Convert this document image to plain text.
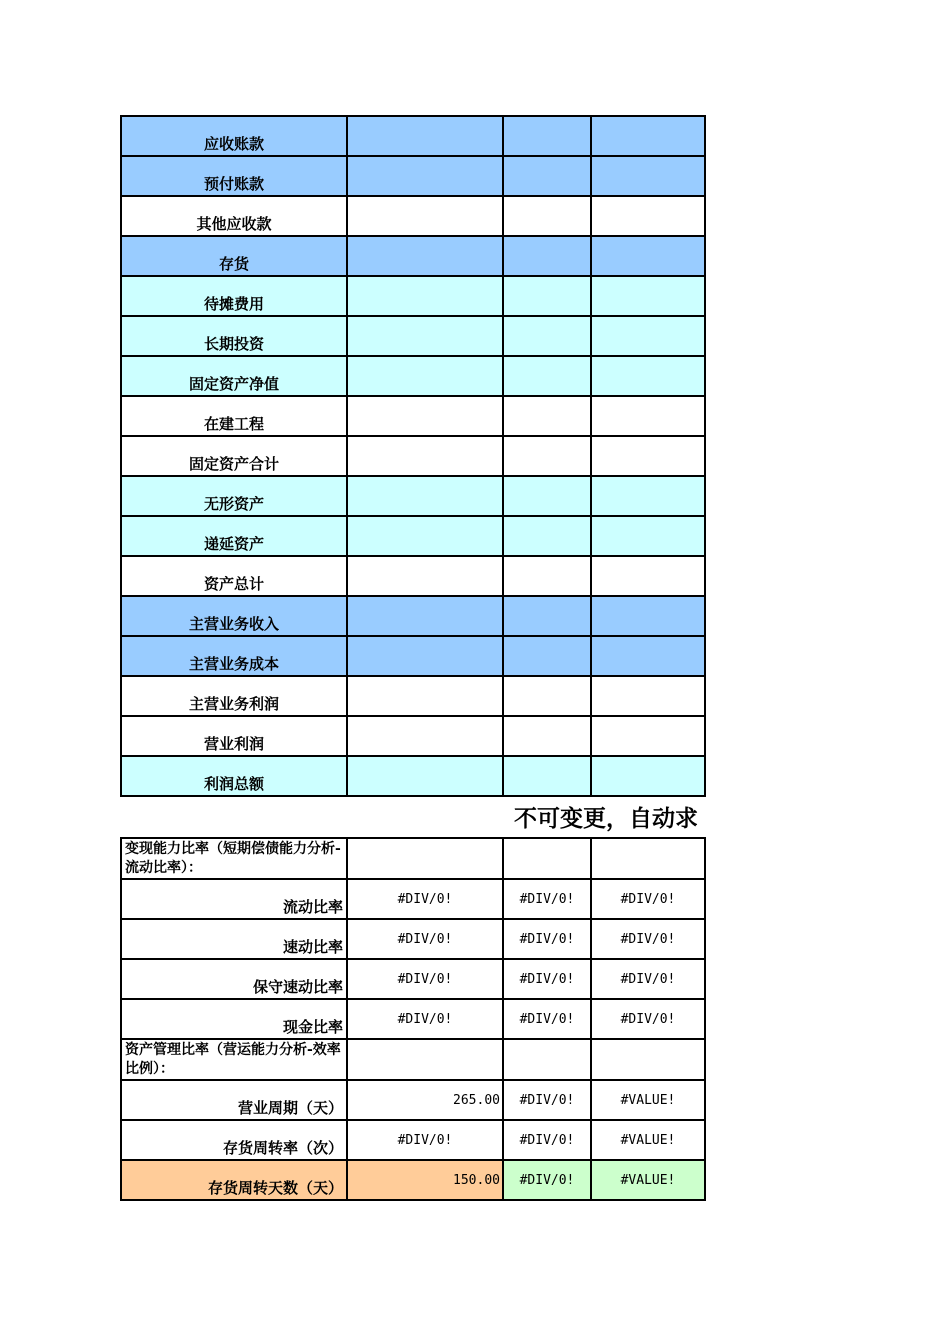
应收账款			
预付账款			
其他应收款			
存货			
待摊费用			
长期投资			
固定资产净值			
在建工程			
固定资产合计			
无形资产			
递延资产			
资产总计			
主营业务收入			
主营业务成本			
主营业务利润			
营业利润			
利润总额			
不可变更，自动求
变现能力比率（短期偿债能力分析-流动比率）：			
流动比率	#DIV/0!	#DIV/0!	#DIV/0!
速动比率	#DIV/0!	#DIV/0!	#DIV/0!
保守速动比率	#DIV/0!	#DIV/0!	#DIV/0!
现金比率	#DIV/0!	#DIV/0!	#DIV/0!
资产管理比率（营运能力分析-效率比例）：			
营业周期（天）	265.00	#DIV/0!	#VALUE!
存货周转率（次）	#DIV/0!	#DIV/0!	#VALUE!
存货周转天数（天）	150.00	#DIV/0!	#VALUE!
